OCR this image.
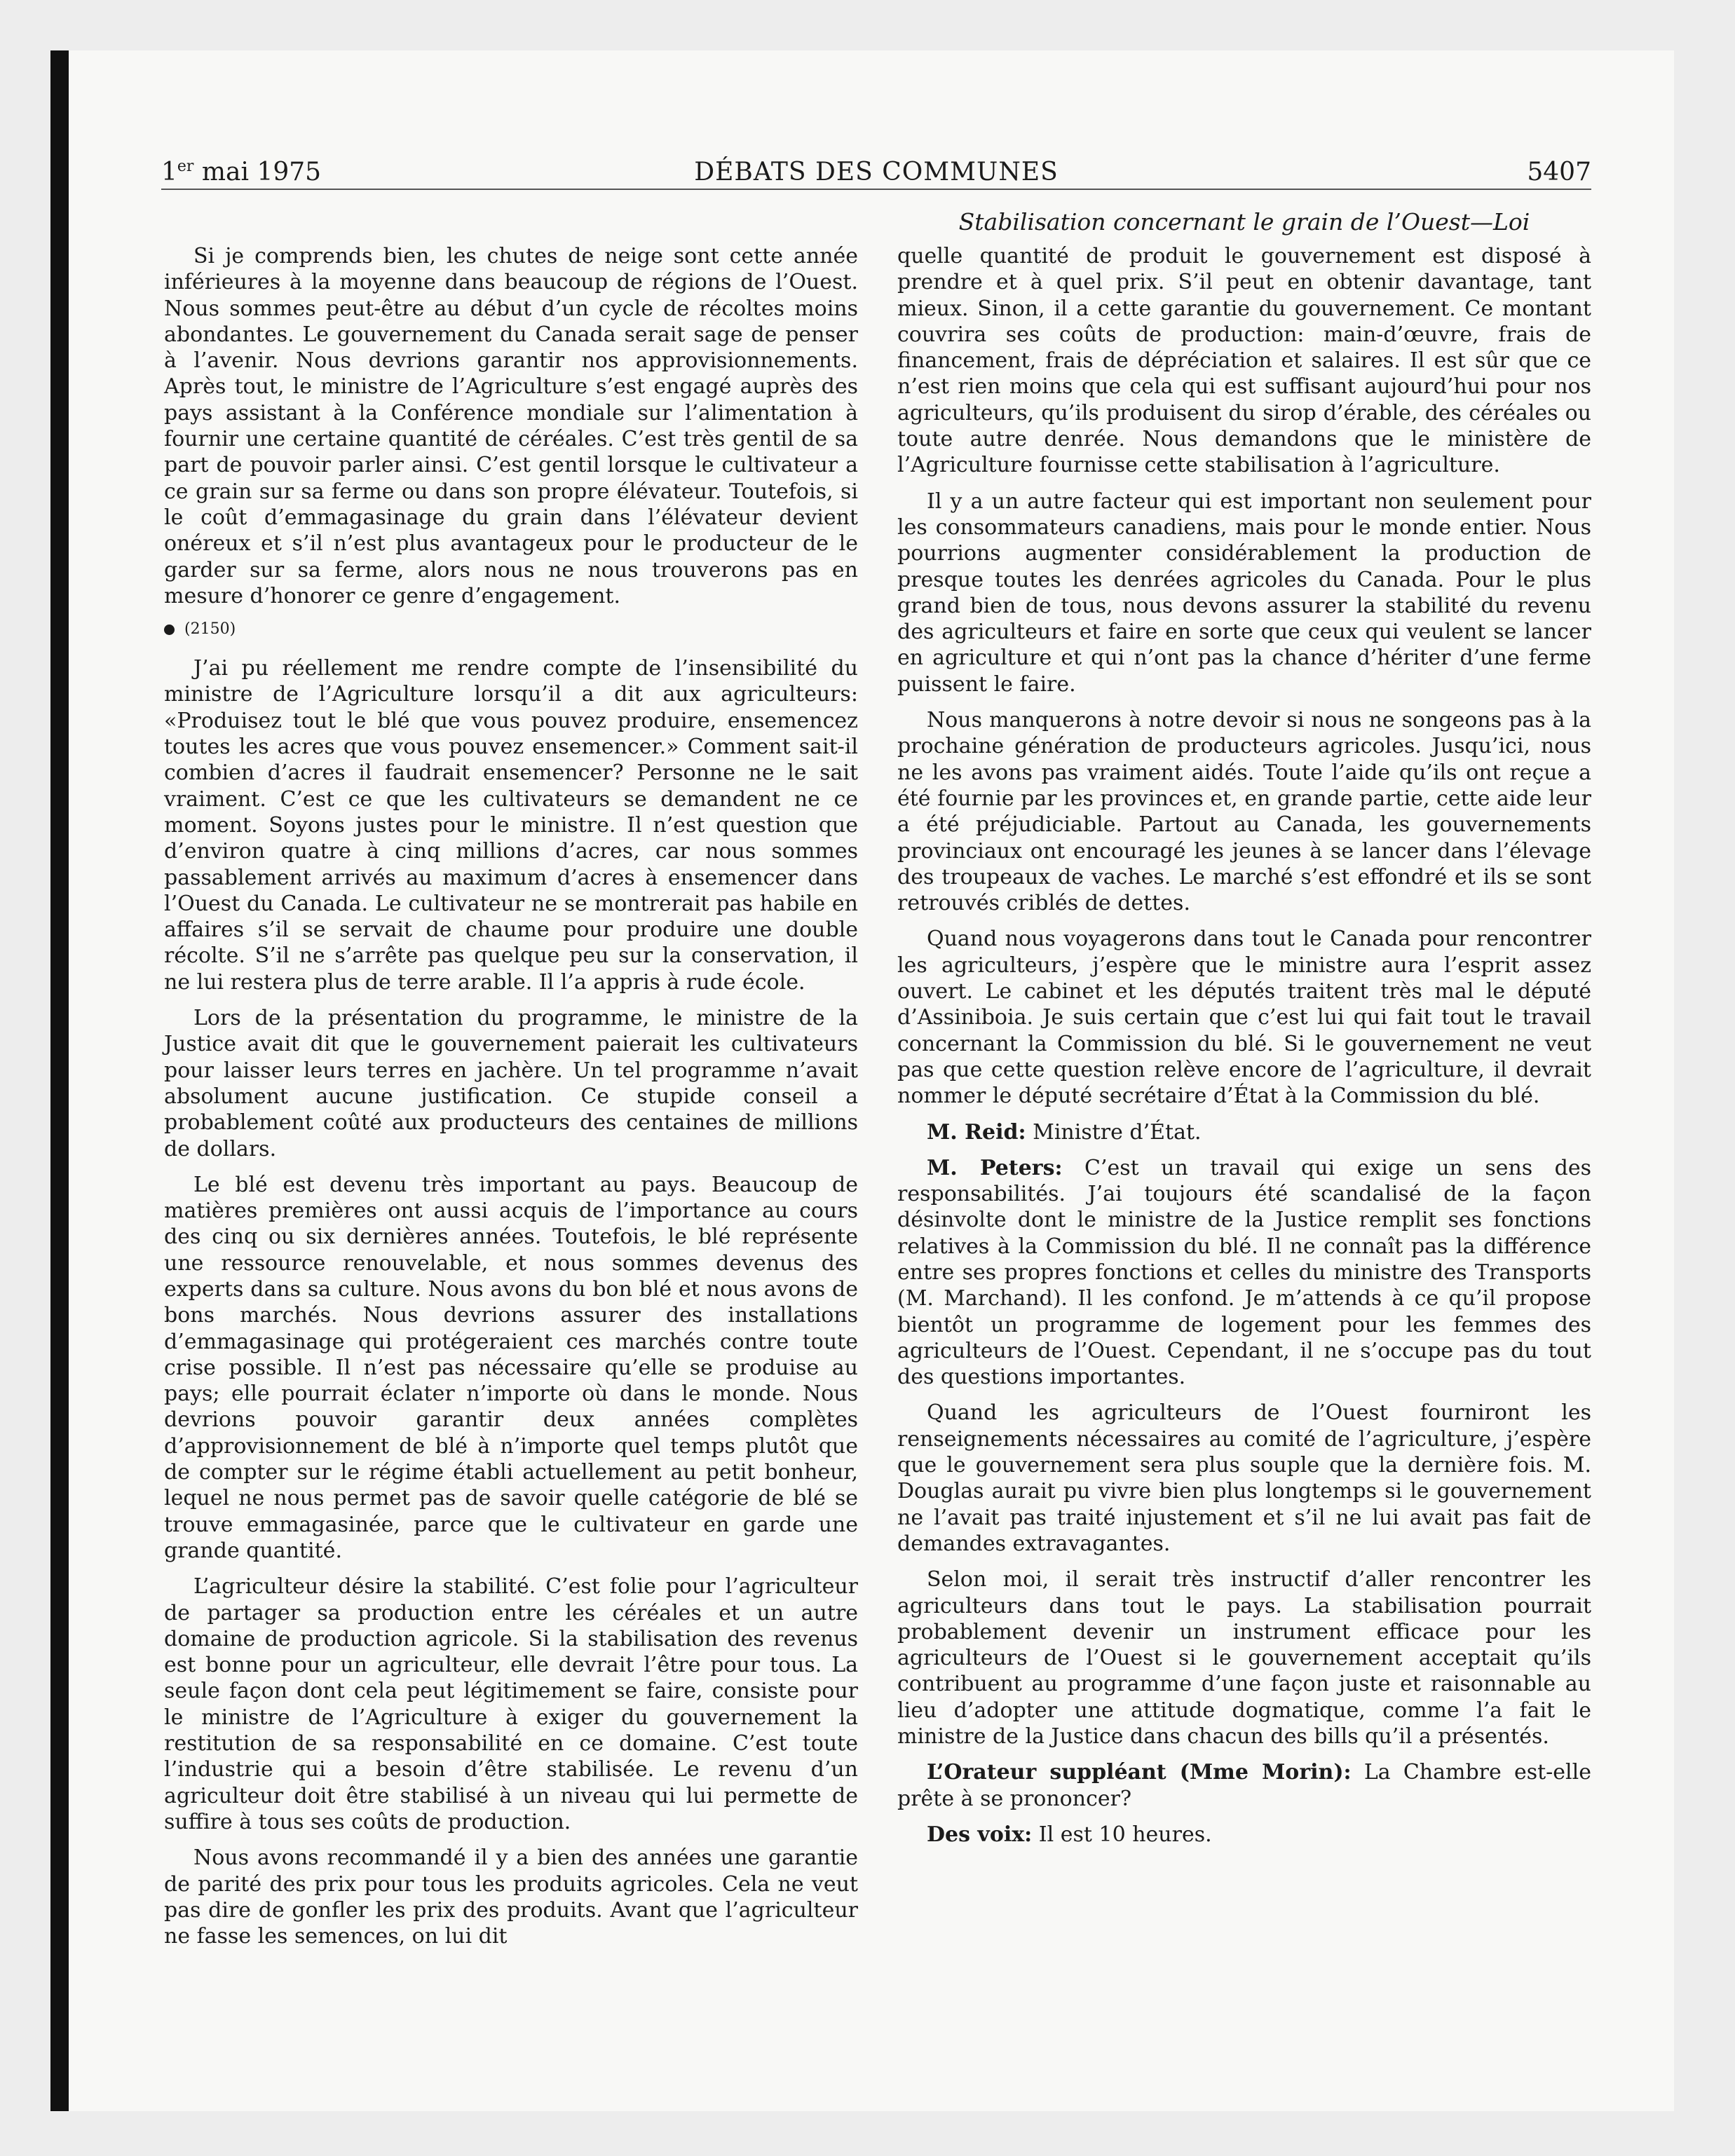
1er mai 1975	DÉBATS DES COMMUNES	5407
Stabilisation concernant le grain de l’Ouest—Loi

Si je comprends bien, les chutes de neige sont cette année inférieures à la moyenne dans beaucoup de régions de l’Ouest. Nous sommes peut-être au début d’un cycle de récoltes moins abondantes. Le gouvernement du Canada serait sage de penser à l’avenir. Nous devrions garantir nos approvisionnements. Après tout, le ministre de l’Agriculture s’est engagé auprès des pays assistant à la Conférence mondiale sur l’alimentation à fournir une certaine quantité de céréales. C’est très gentil de sa part de pouvoir parler ainsi. C’est gentil lorsque le cultivateur a ce grain sur sa ferme ou dans son propre élévateur. Toutefois, si le coût d’emmagasinage du grain dans l’élévateur devient onéreux et s’il n’est plus avantageux pour le producteur de le garder sur sa ferme, alors nous ne nous trouverons pas en mesure d’honorer ce genre d’engagement.

(2150)

J’ai pu réellement me rendre compte de l’insensibilité du ministre de l’Agriculture lorsqu’il a dit aux agriculteurs: «Produisez tout le blé que vous pouvez produire, ensemencez toutes les acres que vous pouvez ensemencer.» Comment sait-il combien d’acres il faudrait ensemencer? Personne ne le sait vraiment. C’est ce que les cultivateurs se demandent ne ce moment. Soyons justes pour le ministre. Il n’est question que d’environ quatre à cinq millions d’acres, car nous sommes passablement arrivés au maximum d’acres à ensemencer dans l’Ouest du Canada. Le cultivateur ne se montrerait pas habile en affaires s’il se servait de chaume pour produire une double récolte. S’il ne s’arrête pas quelque peu sur la conservation, il ne lui restera plus de terre arable. Il l’a appris à rude école.

Lors de la présentation du programme, le ministre de la Justice avait dit que le gouvernement paierait les cultivateurs pour laisser leurs terres en jachère. Un tel programme n’avait absolument aucune justification. Ce stupide conseil a probablement coûté aux producteurs des centaines de millions de dollars.

Le blé est devenu très important au pays. Beaucoup de matières premières ont aussi acquis de l’importance au cours des cinq ou six dernières années. Toutefois, le blé représente une ressource renouvelable, et nous sommes devenus des experts dans sa culture. Nous avons du bon blé et nous avons de bons marchés. Nous devrions assurer des installations d’emmagasinage qui protégeraient ces marchés contre toute crise possible. Il n’est pas nécessaire qu’elle se produise au pays; elle pourrait éclater n’importe où dans le monde. Nous devrions pouvoir garantir deux années complètes d’approvisionnement de blé à n’importe quel temps plutôt que de compter sur le régime établi actuellement au petit bonheur, lequel ne nous permet pas de savoir quelle catégorie de blé se trouve emmagasinée, parce que le cultivateur en garde une grande quantité.

L’agriculteur désire la stabilité. C’est folie pour l’agriculteur de partager sa production entre les céréales et un autre domaine de production agricole. Si la stabilisation des revenus est bonne pour un agriculteur, elle devrait l’être pour tous. La seule façon dont cela peut légitimement se faire, consiste pour le ministre de l’Agriculture à exiger du gouvernement la restitution de sa responsabilité en ce domaine. C’est toute l’industrie qui a besoin d’être stabilisée. Le revenu d’un agriculteur doit être stabilisé à un niveau qui lui permette de suffire à tous ses coûts de production.

Nous avons recommandé il y a bien des années une garantie de parité des prix pour tous les produits agricoles. Cela ne veut pas dire de gonfler les prix des produits. Avant que l’agriculteur ne fasse les semences, on lui dit

quelle quantité de produit le gouvernement est disposé à prendre et à quel prix. S’il peut en obtenir davantage, tant mieux. Sinon, il a cette garantie du gouvernement. Ce montant couvrira ses coûts de production: main-d’œuvre, frais de financement, frais de dépréciation et salaires. Il est sûr que ce n’est rien moins que cela qui est suffisant aujourd’hui pour nos agriculteurs, qu’ils produisent du sirop d’érable, des céréales ou toute autre denrée. Nous demandons que le ministère de l’Agriculture fournisse cette stabilisation à l’agriculture.

Il y a un autre facteur qui est important non seulement pour les consommateurs canadiens, mais pour le monde entier. Nous pourrions augmenter considérablement la production de presque toutes les denrées agricoles du Canada. Pour le plus grand bien de tous, nous devons assurer la stabilité du revenu des agriculteurs et faire en sorte que ceux qui veulent se lancer en agriculture et qui n’ont pas la chance d’hériter d’une ferme puissent le faire.

Nous manquerons à notre devoir si nous ne songeons pas à la prochaine génération de producteurs agricoles. Jusqu’ici, nous ne les avons pas vraiment aidés. Toute l’aide qu’ils ont reçue a été fournie par les provinces et, en grande partie, cette aide leur a été préjudiciable. Partout au Canada, les gouvernements provinciaux ont encouragé les jeunes à se lancer dans l’élevage des troupeaux de vaches. Le marché s’est effondré et ils se sont retrouvés criblés de dettes.

Quand nous voyagerons dans tout le Canada pour rencontrer les agriculteurs, j’espère que le ministre aura l’esprit assez ouvert. Le cabinet et les députés traitent très mal le député d’Assiniboia. Je suis certain que c’est lui qui fait tout le travail concernant la Commission du blé. Si le gouvernement ne veut pas que cette question relève encore de l’agriculture, il devrait nommer le député secrétaire d’État à la Commission du blé.

M. Reid: Ministre d’État.

M. Peters: C’est un travail qui exige un sens des responsabilités. J’ai toujours été scandalisé de la façon désinvolte dont le ministre de la Justice remplit ses fonctions relatives à la Commission du blé. Il ne connaît pas la différence entre ses propres fonctions et celles du ministre des Transports (M. Marchand). Il les confond. Je m’attends à ce qu’il propose bientôt un programme de logement pour les femmes des agriculteurs de l’Ouest. Cependant, il ne s’occupe pas du tout des questions importantes.

Quand les agriculteurs de l’Ouest fourniront les renseignements nécessaires au comité de l’agriculture, j’espère que le gouvernement sera plus souple que la dernière fois. M. Douglas aurait pu vivre bien plus longtemps si le gouvernement ne l’avait pas traité injustement et s’il ne lui avait pas fait de demandes extravagantes.

Selon moi, il serait très instructif d’aller rencontrer les agriculteurs dans tout le pays. La stabilisation pourrait probablement devenir un instrument efficace pour les agriculteurs de l’Ouest si le gouvernement acceptait qu’ils contribuent au programme d’une façon juste et raisonnable au lieu d’adopter une attitude dogmatique, comme l’a fait le ministre de la Justice dans chacun des bills qu’il a présentés.

L’Orateur suppléant (Mme Morin): La Chambre est-elle prête à se prononcer?

Des voix: Il est 10 heures.
